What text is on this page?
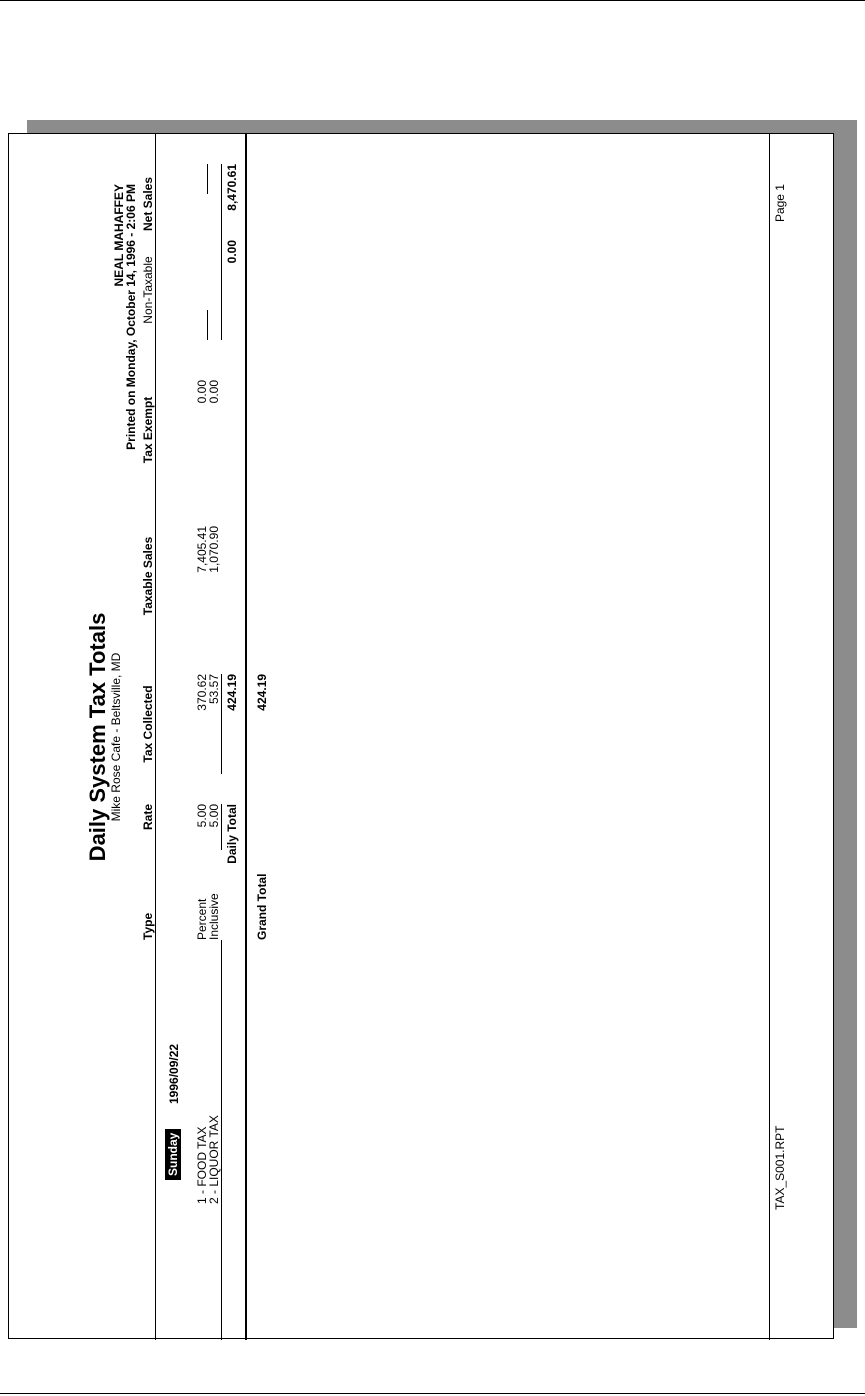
Daily System Tax Totals Mike Rose Cafe - Beltsville, MD
NEAL MAHAFFEY
Printed on Monday, October 14, 1996 - 2:06 PM
Type
Rate
Tax Collected
Taxable Sales
Tax Exempt
Non-Taxable
Net Sales
Sunday
1996/09/22
1 - FOOD TAX
Percent
5.00
370.62
7,405.41
0.00
2 - LIQUOR TAX
Inclusive
5.00
53.57
1,070.90
0.00
Daily Total
424.19
0.00
8,470.61
Grand Total
424.19
TAX_S001.RPT
Page 1
